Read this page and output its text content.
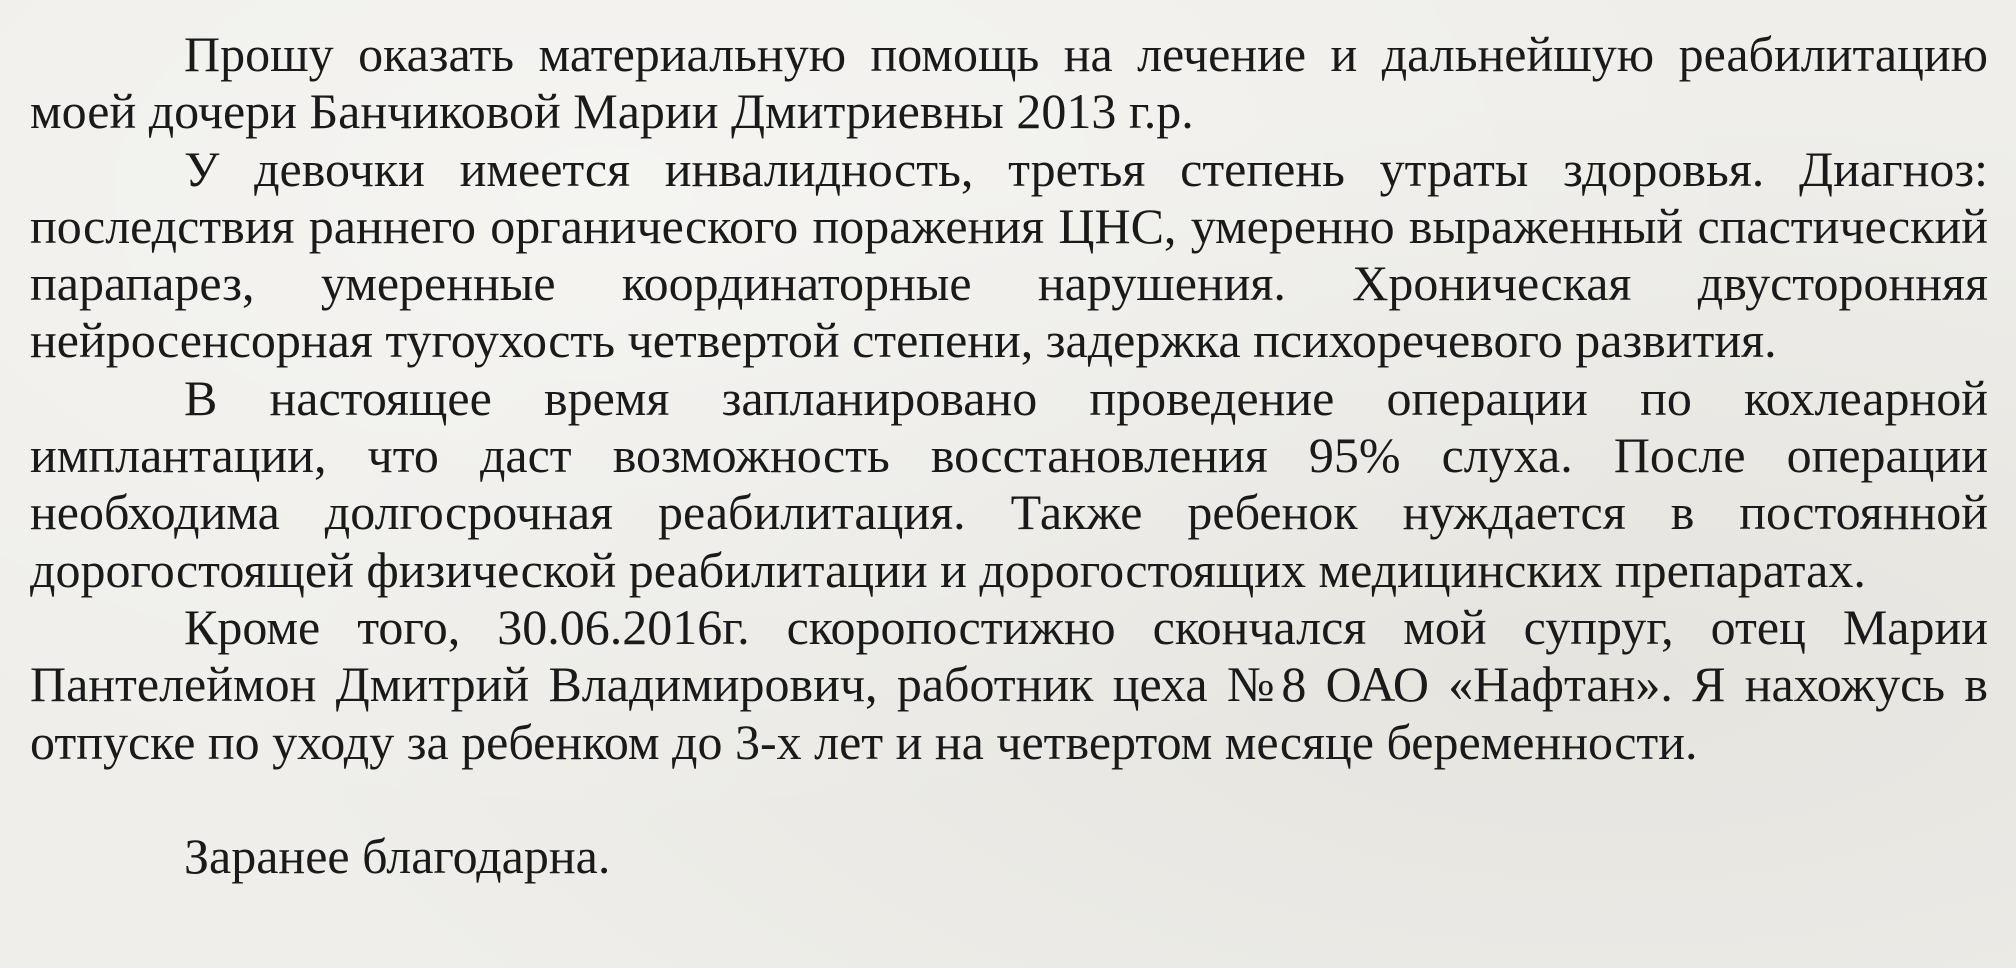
Прошу оказать материальную помощь на лечение и дальнейшую реабилитацию моей дочери Банчиковой Марии Дмитриевны 2013 г.р.

У девочки имеется инвалидность, третья степень утраты здоровья. Диагноз: последствия раннего органического поражения ЦНС, умеренно выраженный спастический парапарез, умеренные координаторные нарушения. Хроническая двусторонняя нейросенсорная тугоухость четвертой степени, задержка психоречевого развития.

В настоящее время запланировано проведение операции по кохлеарной имплантации, что даст возможность восстановления 95% слуха. После операции необходима долгосрочная реабилитация. Также ребенок нуждается в постоянной дорогостоящей физической реабилитации и дорогостоящих медицинских препаратах.

Кроме того, 30.06.2016г. скоропостижно скончался мой супруг, отец Марии Пантелеймон Дмитрий Владимирович, работник цеха №8 ОАО «Нафтан». Я нахожусь в отпуске по уходу за ребенком до 3-х лет и на четвертом месяце беременности.

Заранее благодарна.
